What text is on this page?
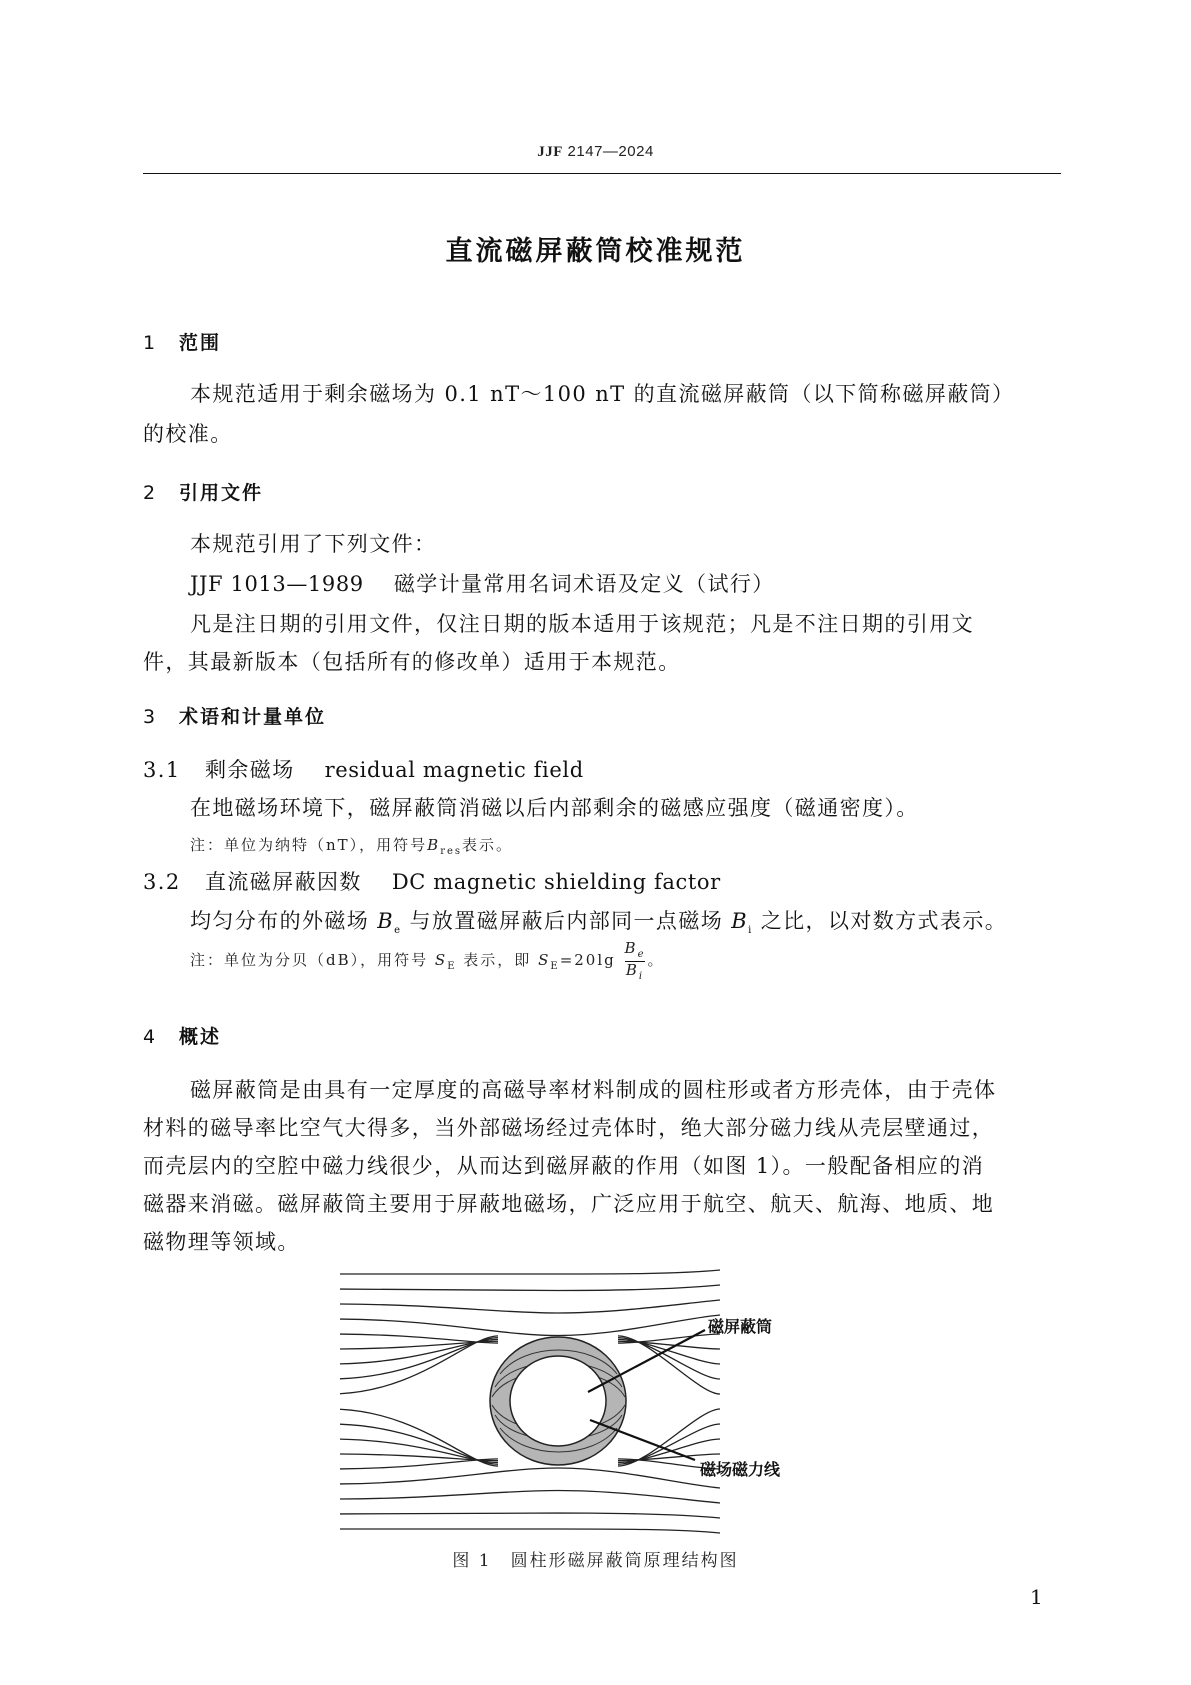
JJF 2147—2024
直流磁屏蔽筒校准规范
1 范围
本规范适用于剩余磁场为 0.1 nT～100 nT 的直流磁屏蔽筒（以下简称磁屏蔽筒）
的校准。
2 引用文件
本规范引用了下列文件：
JJF 1013—1989 磁学计量常用名词术语及定义（试行）
凡是注日期的引用文件，仅注日期的版本适用于该规范；凡是不注日期的引用文
件，其最新版本（包括所有的修改单）适用于本规范。
3 术语和计量单位
3.1 剩余磁场 residual magnetic field
在地磁场环境下，磁屏蔽筒消磁以后内部剩余的磁感应强度（磁通密度）。
注：单位为纳特（nT），用符号$B_{res}$表示。
3.2 直流磁屏蔽因数 DC magnetic shielding factor
均匀分布的外磁场 $B_e$ 与放置磁屏蔽后内部同一点磁场 $B_i$ 之比，以对数方式表示。
注：单位为分贝（dB），用符号 $S_E$ 表示，即 $S_E=20\lg \frac{B_e}{B_i}$ 。
4 概述
磁屏蔽筒是由具有一定厚度的高磁导率材料制成的圆柱形或者方形壳体，由于壳体
材料的磁导率比空气大得多，当外部磁场经过壳体时，绝大部分磁力线从壳层壁通过，
而壳层内的空腔中磁力线很少，从而达到磁屏蔽的作用（如图 1）。一般配备相应的消
磁器来消磁。磁屏蔽筒主要用于屏蔽地磁场，广泛应用于航空、航天、航海、地质、地
磁物理等领域。
磁屏蔽筒
磁场磁力线
图 1　圆柱形磁屏蔽筒原理结构图
1
